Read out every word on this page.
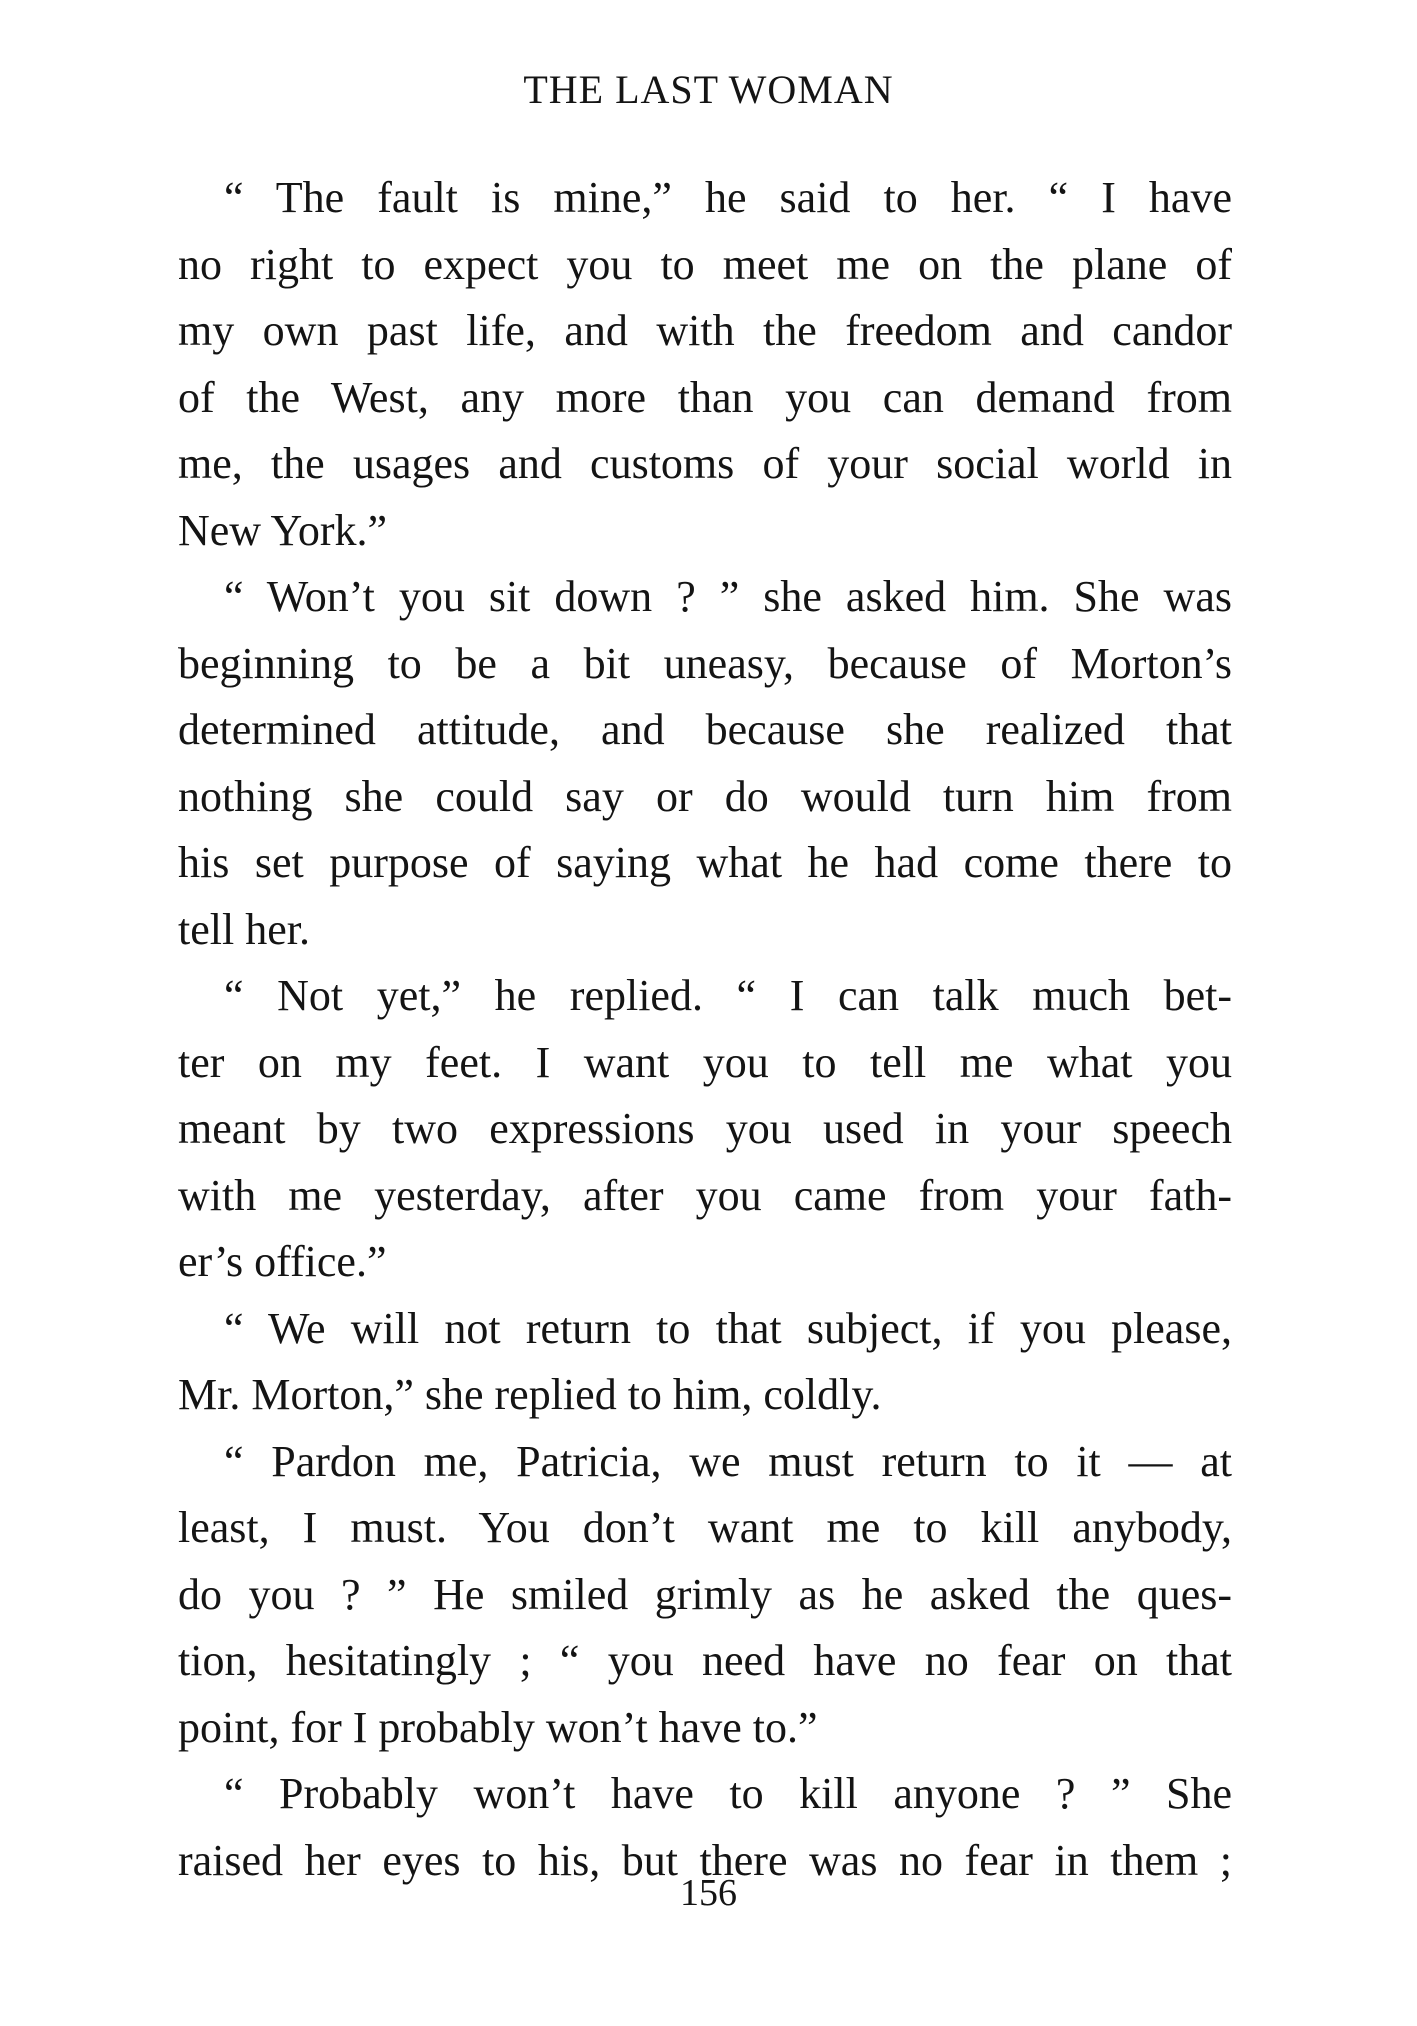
THE LAST WOMAN
“ The fault is mine,” he said to her. “ I have
no right to expect you to meet me on the plane of
my own past life, and with the freedom and candor
of the West, any more than you can demand from
me, the usages and customs of your social world in
New York.”
“ Won’t you sit down ? ” she asked him. She was
beginning to be a bit uneasy, because of Morton’s
determined attitude, and because she realized that
nothing she could say or do would turn him from
his set purpose of saying what he had come there to
tell her.
“ Not yet,” he replied. “ I can talk much bet-
ter on my feet. I want you to tell me what you
meant by two expressions you used in your speech
with me yesterday, after you came from your fath-
er’s office.”
“ We will not return to that subject, if you please,
Mr. Morton,” she replied to him, coldly.
“ Pardon me, Patricia, we must return to it — at
least, I must. You don’t want me to kill anybody,
do you ? ” He smiled grimly as he asked the ques-
tion, hesitatingly ; “ you need have no fear on that
point, for I probably won’t have to.”
“ Probably won’t have to kill anyone ? ” She
raised her eyes to his, but there was no fear in them ;
156
